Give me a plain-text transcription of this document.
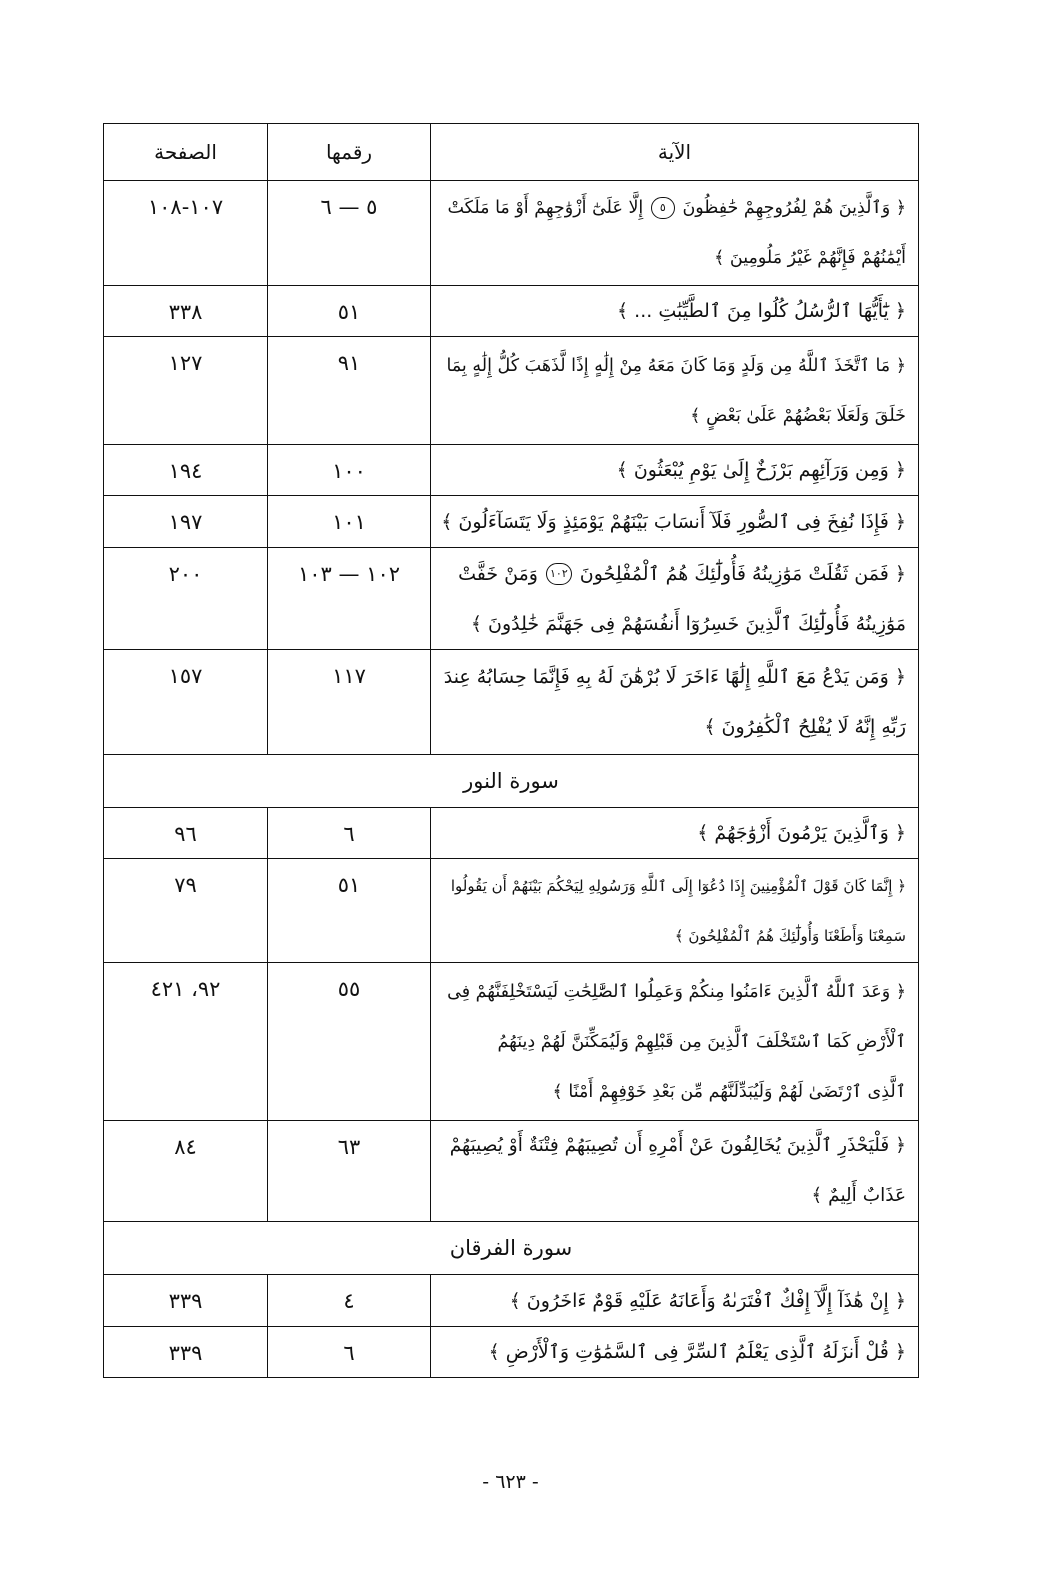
الآية	رقمها	الصفحة

﴿ وَٱلَّذِينَ هُمْ لِفُرُوجِهِمْ حَٰفِظُونَ ٥ إِلَّا عَلَىٰٓ أَزْوَٰجِهِمْ أَوْ مَا مَلَكَتْ
أَيْمَٰنُهُمْ فَإِنَّهُمْ غَيْرُ مَلُومِينَ ﴾	٥ — ٦	١٠٧-١٠٨

﴿ يَٰٓأَيُّهَا ٱلرُّسُلُ كُلُوا مِنَ ٱلطَّيِّبَٰتِ ... ﴾	٥١	٣٣٨

﴿ مَا ٱتَّخَذَ ٱللَّهُ مِن وَلَدٍ وَمَا كَانَ مَعَهُ مِنْ إِلَٰهٍ إِذًا لَّذَهَبَ كُلُّ إِلَٰهٍ بِمَا
خَلَقَ وَلَعَلَا بَعْضُهُمْ عَلَىٰ بَعْضٍ ﴾	٩١	١٢٧

﴿ وَمِن وَرَآئِهِم بَرْزَخٌ إِلَىٰ يَوْمِ يُبْعَثُونَ ﴾	١٠٠	١٩٤

﴿ فَإِذَا نُفِخَ فِى ٱلصُّورِ فَلَآ أَنسَابَ بَيْنَهُمْ يَوْمَئِذٍ وَلَا يَتَسَآءَلُونَ ﴾	١٠١	١٩٧

﴿ فَمَن ثَقُلَتْ مَوَٰزِينُهُ فَأُولَٰٓئِكَ هُمُ ٱلْمُفْلِحُونَ ١٠٢ وَمَنْ خَفَّتْ
مَوَٰزِينُهُ فَأُولَٰٓئِكَ ٱلَّذِينَ خَسِرُوٓا أَنفُسَهُمْ فِى جَهَنَّمَ خَٰلِدُونَ ﴾	١٠٢ — ١٠٣	٢٠٠

﴿ وَمَن يَدْعُ مَعَ ٱللَّهِ إِلَٰهًا ءَاخَرَ لَا بُرْهَٰنَ لَهُ بِهِ فَإِنَّمَا حِسَابُهُ عِندَ
رَبِّهِ إِنَّهُ لَا يُفْلِحُ ٱلْكَٰفِرُونَ ﴾	١١٧	١٥٧
سورة النور		

﴿ وَٱلَّذِينَ يَرْمُونَ أَزْوَٰجَهُمْ ﴾	٦	٩٦

﴿ إِنَّمَا كَانَ قَوْلَ ٱلْمُؤْمِنِينَ إِذَا دُعُوٓا إِلَى ٱللَّهِ وَرَسُولِهِ لِيَحْكُمَ بَيْنَهُمْ أَن يَقُولُوا
سَمِعْنَا وَأَطَعْنَا وَأُولَٰٓئِكَ هُمُ ٱلْمُفْلِحُونَ ﴾	٥١	٧٩

﴿ وَعَدَ ٱللَّهُ ٱلَّذِينَ ءَامَنُوا مِنكُمْ وَعَمِلُوا ٱلصَّٰلِحَٰتِ لَيَسْتَخْلِفَنَّهُمْ فِى
ٱلْأَرْضِ كَمَا ٱسْتَخْلَفَ ٱلَّذِينَ مِن قَبْلِهِمْ وَلَيُمَكِّنَنَّ لَهُمْ دِينَهُمُ
ٱلَّذِى ٱرْتَضَىٰ لَهُمْ وَلَيُبَدِّلَنَّهُم مِّن بَعْدِ خَوْفِهِمْ أَمْنًا ﴾	٥٥	٩٢، ٤٢١

﴿ فَلْيَحْذَرِ ٱلَّذِينَ يُخَالِفُونَ عَنْ أَمْرِهِ أَن تُصِيبَهُمْ فِتْنَةٌ أَوْ يُصِيبَهُمْ
عَذَابٌ أَلِيمٌ ﴾	٦٣	٨٤
سورة الفرقان		

﴿ إِنْ هَٰذَآ إِلَّآ إِفْكٌ ٱفْتَرَىٰهُ وَأَعَانَهُ عَلَيْهِ قَوْمٌ ءَاخَرُونَ ﴾	٤	٣٣٩

﴿ قُلْ أَنزَلَهُ ٱلَّذِى يَعْلَمُ ٱلسِّرَّ فِى ٱلسَّمَٰوَٰتِ وَٱلْأَرْضِ ﴾	٦	٣٣٩
- ٦٢٣ -
